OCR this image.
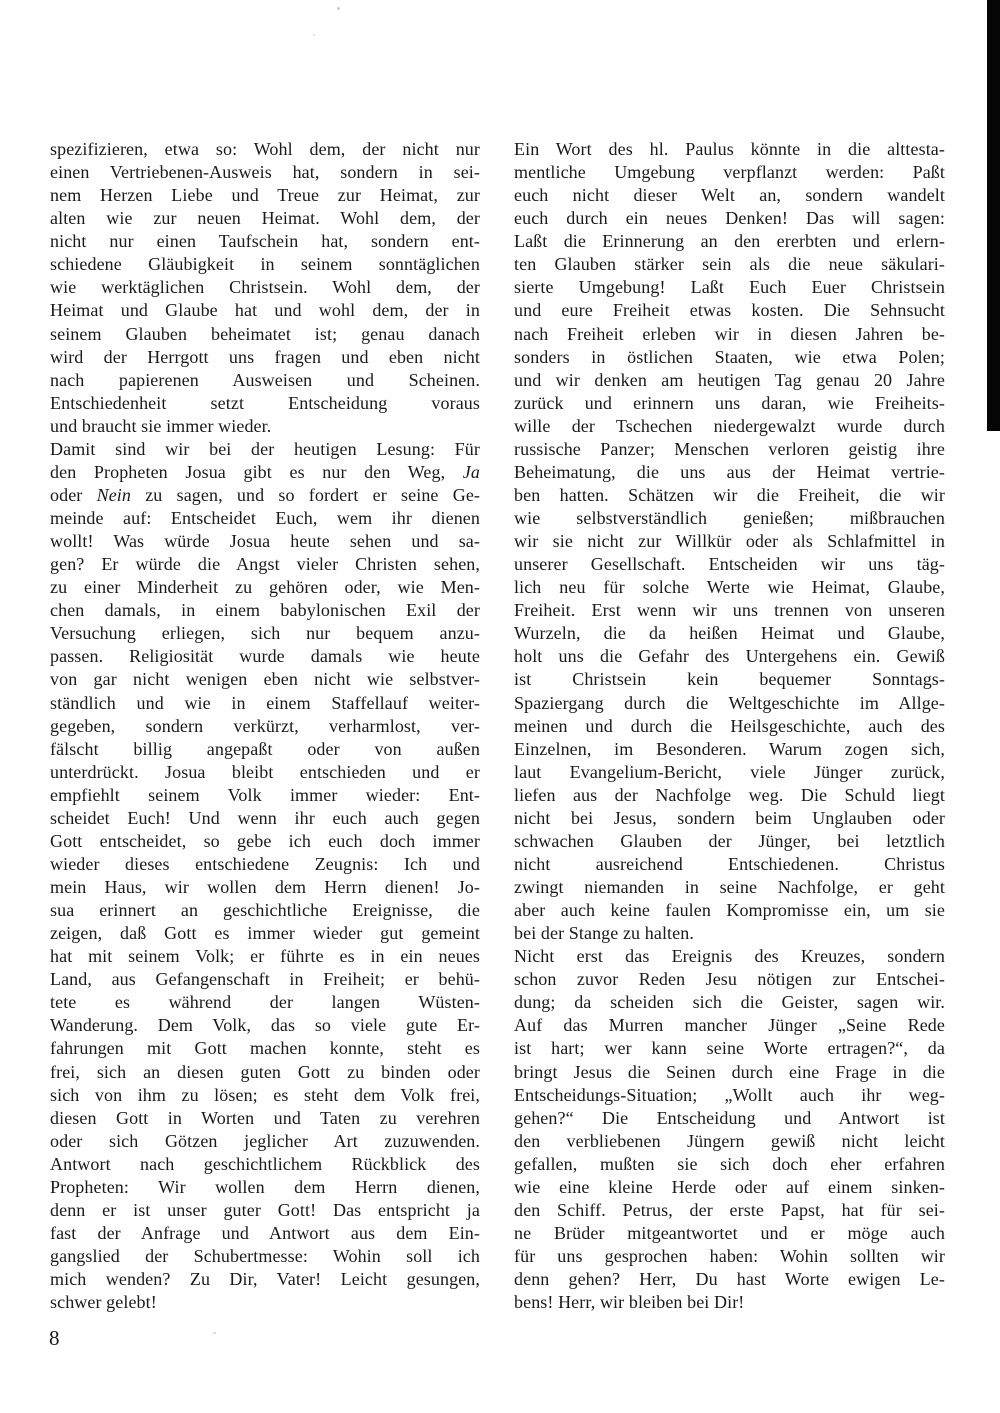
spezifizieren, etwa so: Wohl dem, der nicht nur
einen Vertriebenen-Ausweis hat, sondern in sei-
nem Herzen Liebe und Treue zur Heimat, zur
alten wie zur neuen Heimat. Wohl dem, der
nicht nur einen Taufschein hat, sondern ent-
schiedene Gläubigkeit in seinem sonntäglichen
wie werktäglichen Christsein. Wohl dem, der
Heimat und Glaube hat und wohl dem, der in
seinem Glauben beheimatet ist; genau danach
wird der Herrgott uns fragen und eben nicht
nach papierenen Ausweisen und Scheinen.
Entschiedenheit setzt Entscheidung voraus
und braucht sie immer wieder.
Damit sind wir bei der heutigen Lesung: Für
den Propheten Josua gibt es nur den Weg, Ja
oder Nein zu sagen, und so fordert er seine Ge-
meinde auf: Entscheidet Euch, wem ihr dienen
wollt! Was würde Josua heute sehen und sa-
gen? Er würde die Angst vieler Christen sehen,
zu einer Minderheit zu gehören oder, wie Men-
chen damals, in einem babylonischen Exil der
Versuchung erliegen, sich nur bequem anzu-
passen. Religiosität wurde damals wie heute
von gar nicht wenigen eben nicht wie selbstver-
ständlich und wie in einem Staffellauf weiter-
gegeben, sondern verkürzt, verharmlost, ver-
fälscht billig angepaßt oder von außen
unterdrückt. Josua bleibt entschieden und er
empfiehlt seinem Volk immer wieder: Ent-
scheidet Euch! Und wenn ihr euch auch gegen
Gott entscheidet, so gebe ich euch doch immer
wieder dieses entschiedene Zeugnis: Ich und
mein Haus, wir wollen dem Herrn dienen! Jo-
sua erinnert an geschichtliche Ereignisse, die
zeigen, daß Gott es immer wieder gut gemeint
hat mit seinem Volk; er führte es in ein neues
Land, aus Gefangenschaft in Freiheit; er behü-
tete es während der langen Wüsten-
Wanderung. Dem Volk, das so viele gute Er-
fahrungen mit Gott machen konnte, steht es
frei, sich an diesen guten Gott zu binden oder
sich von ihm zu lösen; es steht dem Volk frei,
diesen Gott in Worten und Taten zu verehren
oder sich Götzen jeglicher Art zuzuwenden.
Antwort nach geschichtlichem Rückblick des
Propheten: Wir wollen dem Herrn dienen,
denn er ist unser guter Gott! Das entspricht ja
fast der Anfrage und Antwort aus dem Ein-
gangslied der Schubertmesse: Wohin soll ich
mich wenden? Zu Dir, Vater! Leicht gesungen,
schwer gelebt!
Ein Wort des hl. Paulus könnte in die alttesta-
mentliche Umgebung verpflanzt werden: Paßt
euch nicht dieser Welt an, sondern wandelt
euch durch ein neues Denken! Das will sagen:
Laßt die Erinnerung an den ererbten und erlern-
ten Glauben stärker sein als die neue säkulari-
sierte Umgebung! Laßt Euch Euer Christsein
und eure Freiheit etwas kosten. Die Sehnsucht
nach Freiheit erleben wir in diesen Jahren be-
sonders in östlichen Staaten, wie etwa Polen;
und wir denken am heutigen Tag genau 20 Jahre
zurück und erinnern uns daran, wie Freiheits-
wille der Tschechen niedergewalzt wurde durch
russische Panzer; Menschen verloren geistig ihre
Beheimatung, die uns aus der Heimat vertrie-
ben hatten. Schätzen wir die Freiheit, die wir
wie selbstverständlich genießen; mißbrauchen
wir sie nicht zur Willkür oder als Schlafmittel in
unserer Gesellschaft. Entscheiden wir uns täg-
lich neu für solche Werte wie Heimat, Glaube,
Freiheit. Erst wenn wir uns trennen von unseren
Wurzeln, die da heißen Heimat und Glaube,
holt uns die Gefahr des Untergehens ein. Gewiß
ist Christsein kein bequemer Sonntags-
Spaziergang durch die Weltgeschichte im Allge-
meinen und durch die Heilsgeschichte, auch des
Einzelnen, im Besonderen. Warum zogen sich,
laut Evangelium-Bericht, viele Jünger zurück,
liefen aus der Nachfolge weg. Die Schuld liegt
nicht bei Jesus, sondern beim Unglauben oder
schwachen Glauben der Jünger, bei letztlich
nicht ausreichend Entschiedenen. Christus
zwingt niemanden in seine Nachfolge, er geht
aber auch keine faulen Kompromisse ein, um sie
bei der Stange zu halten.
Nicht erst das Ereignis des Kreuzes, sondern
schon zuvor Reden Jesu nötigen zur Entschei-
dung; da scheiden sich die Geister, sagen wir.
Auf das Murren mancher Jünger „Seine Rede
ist hart; wer kann seine Worte ertragen?“, da
bringt Jesus die Seinen durch eine Frage in die
Entscheidungs-Situation; „Wollt auch ihr weg-
gehen?“ Die Entscheidung und Antwort ist
den verbliebenen Jüngern gewiß nicht leicht
gefallen, mußten sie sich doch eher erfahren
wie eine kleine Herde oder auf einem sinken-
den Schiff. Petrus, der erste Papst, hat für sei-
ne Brüder mitgeantwortet und er möge auch
für uns gesprochen haben: Wohin sollten wir
denn gehen? Herr, Du hast Worte ewigen Le-
bens! Herr, wir bleiben bei Dir!
8
